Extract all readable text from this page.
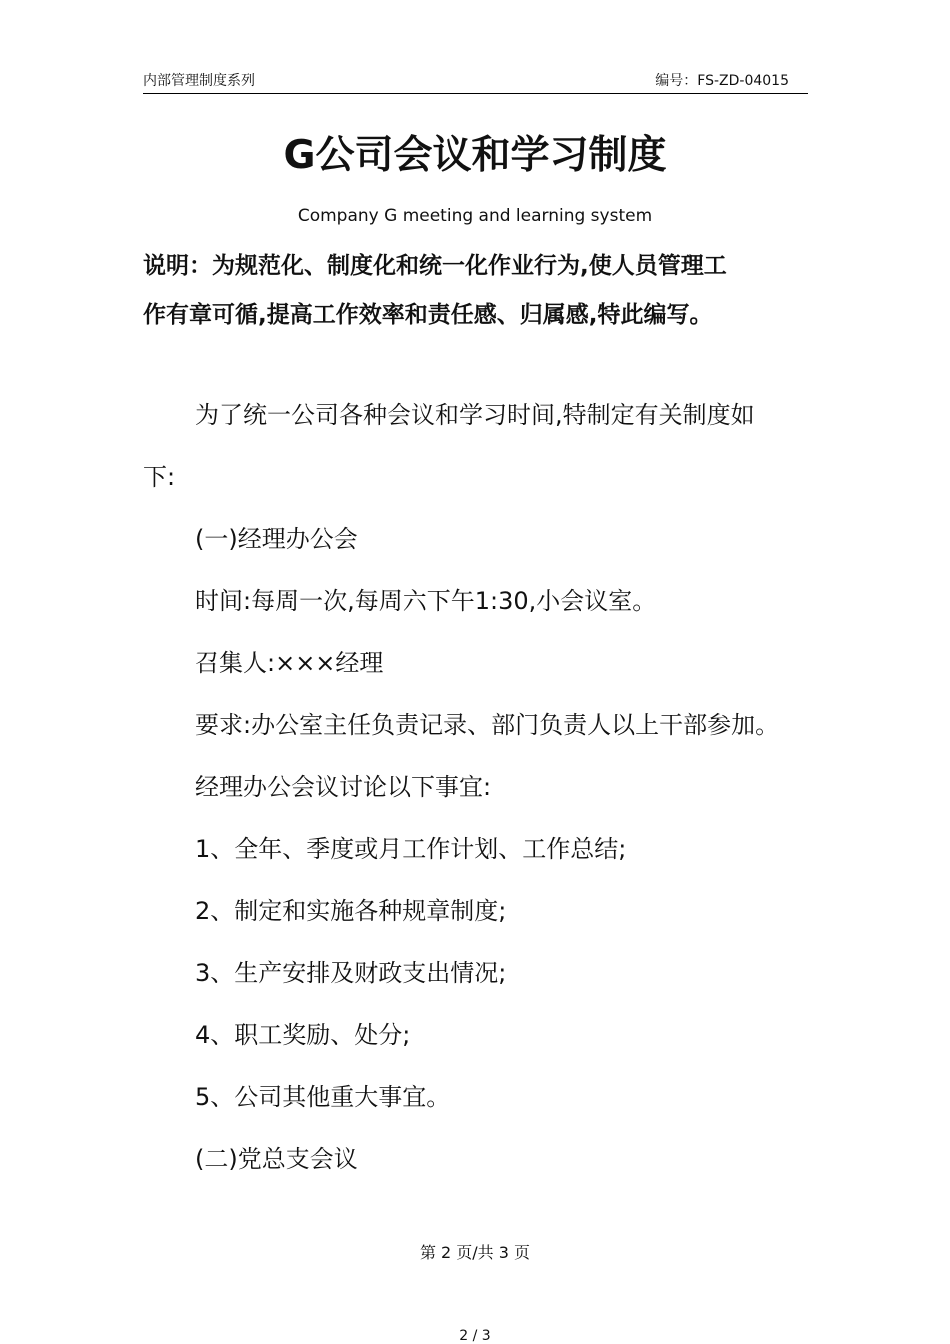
内部管理制度系列	编号：FS-ZD-04015
G公司会议和学习制度
Company G meeting and learning system
说明：为规范化、制度化和统一化作业行为,使人员管理工
作有章可循,提高工作效率和责任感、归属感,特此编写。

为了统一公司各种会议和学习时间,特制定有关制度如

下:

(一)经理办公会

时间:每周一次,每周六下午1:30,小会议室。

召集人:×××经理

要求:办公室主任负责记录、部门负责人以上干部参加。

经理办公会议讨论以下事宜:

1、全年、季度或月工作计划、工作总结;

2、制定和实施各种规章制度;

3、生产安排及财政支出情况;

4、职工奖励、处分;

5、公司其他重大事宜。

(二)党总支会议

第 2 页/共 3 页
2 / 3
